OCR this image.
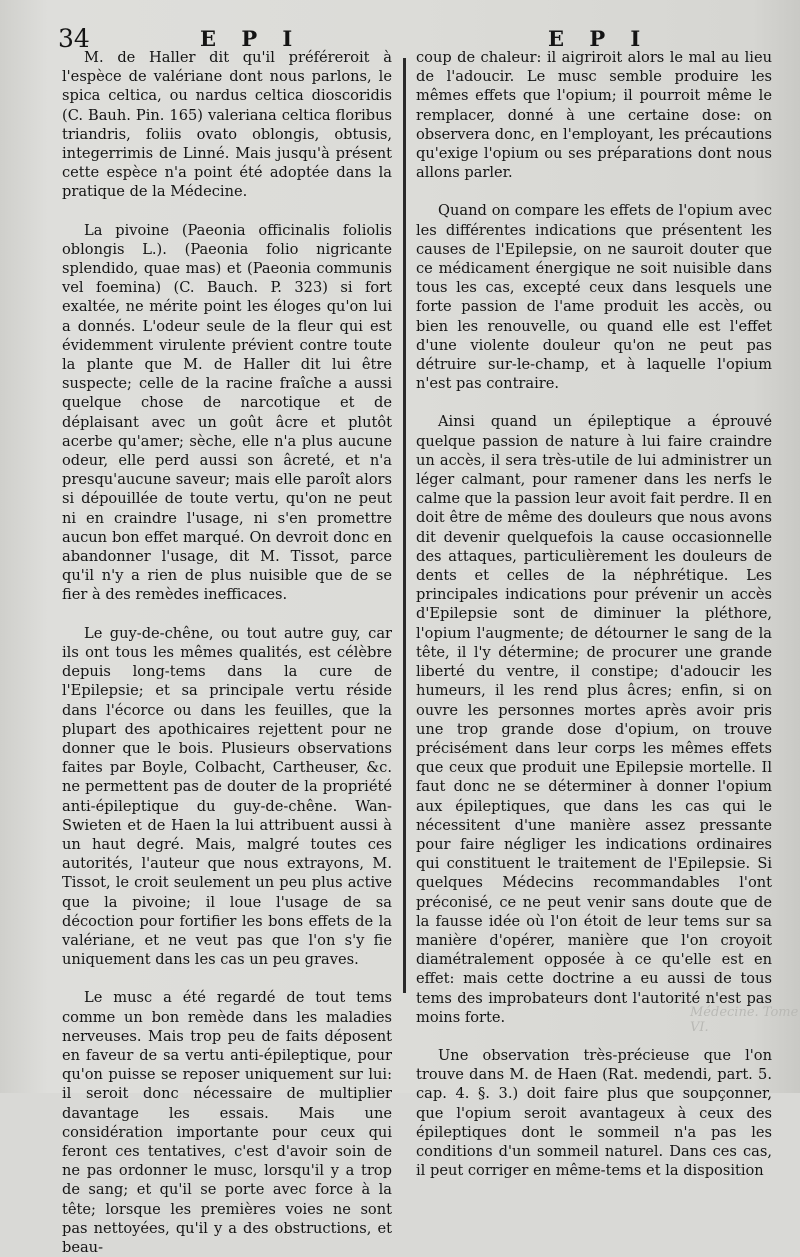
34	E P I	E P I

M. de Haller dit qu'il préféreroit à l'espèce de valériane dont nous parlons, le spica celtica, ou nardus celtica dioscoridis (C. Bauh. Pin. 165) valeriana celtica floribus triandris, foliis ovato oblongis, obtusis, integerrimis de Linné. Mais jusqu'à présent cette espèce n'a point été adoptée dans la pratique de la Médecine.

La pivoine (Paeonia officinalis foliolis oblongis L.). (Paeonia folio nigricante splendido, quae mas) et (Paeonia communis vel foemina) (C. Bauch. P. 323) si fort exaltée, ne mérite point les éloges qu'on lui a donnés. L'odeur seule de la fleur qui est évidemment virulente prévient contre toute la plante que M. de Haller dit lui être suspecte; celle de la racine fraîche a aussi quelque chose de narcotique et de déplaisant avec un goût âcre et plutôt acerbe qu'amer; sèche, elle n'a plus aucune odeur, elle perd aussi son âcreté, et n'a presqu'aucune saveur; mais elle paroît alors si dépouillée de toute vertu, qu'on ne peut ni en craindre l'usage, ni s'en promettre aucun bon effet marqué. On devroit donc en abandonner l'usage, dit M. Tissot, parce qu'il n'y a rien de plus nuisible que de se fier à des remèdes inefficaces.

Le guy-de-chêne, ou tout autre guy, car ils ont tous les mêmes qualités, est célèbre depuis long-tems dans la cure de l'Epilepsie; et sa principale vertu réside dans l'écorce ou dans les feuilles, que la plupart des apothicaires rejettent pour ne donner que le bois. Plusieurs observations faites par Boyle, Colbacht, Cartheuser, &c. ne permettent pas de douter de la propriété anti-épileptique du guy-de-chêne. Wan-Swieten et de Haen la lui attribuent aussi à un haut degré. Mais, malgré toutes ces autorités, l'auteur que nous extrayons, M. Tissot, le croit seulement un peu plus active que la pivoine; il loue l'usage de sa décoction pour fortifier les bons effets de la valériane, et ne veut pas que l'on s'y fie uniquement dans les cas un peu graves.

Le musc a été regardé de tout tems comme un bon remède dans les maladies nerveuses. Mais trop peu de faits déposent en faveur de sa vertu anti-épileptique, pour qu'on puisse se reposer uniquement sur lui: il seroit donc nécessaire de multiplier davantage les essais. Mais une considération importante pour ceux qui feront ces tentatives, c'est d'avoir soin de ne pas ordonner le musc, lorsqu'il y a trop de sang; et qu'il se porte avec force à la tête; lorsque les premières voies ne sont pas nettoyées, qu'il y a des obstructions, et beau-

coup de chaleur: il aigriroit alors le mal au lieu de l'adoucir. Le musc semble produire les mêmes effets que l'opium; il pourroit même le remplacer, donné à une certaine dose: on observera donc, en l'employant, les précautions qu'exige l'opium ou ses préparations dont nous allons parler.

Quand on compare les effets de l'opium avec les différentes indications que présentent les causes de l'Epilepsie, on ne sauroit douter que ce médicament énergique ne soit nuisible dans tous les cas, excepté ceux dans lesquels une forte passion de l'ame produit les accès, ou bien les renouvelle, ou quand elle est l'effet d'une violente douleur qu'on ne peut pas détruire sur-le-champ, et à laquelle l'opium n'est pas contraire.

Ainsi quand un épileptique a éprouvé quelque passion de nature à lui faire craindre un accès, il sera très-utile de lui administrer un léger calmant, pour ramener dans les nerfs le calme que la passion leur avoit fait perdre. Il en doit être de même des douleurs que nous avons dit devenir quelquefois la cause occasionnelle des attaques, particulièrement les douleurs de dents et celles de la néphrétique. Les principales indications pour prévenir un accès d'Epilepsie sont de diminuer la pléthore, l'opium l'augmente; de détourner le sang de la tête, il l'y détermine; de procurer une grande liberté du ventre, il constipe; d'adoucir les humeurs, il les rend plus âcres; enfin, si on ouvre les personnes mortes après avoir pris une trop grande dose d'opium, on trouve précisément dans leur corps les mêmes effets que ceux que produit une Epilepsie mortelle. Il faut donc ne se déterminer à donner l'opium aux épileptiques, que dans les cas qui le nécessitent d'une manière assez pressante pour faire négliger les indications ordinaires qui constituent le traitement de l'Epilepsie. Si quelques Médecins recommandables l'ont préconisé, ce ne peut venir sans doute que de la fausse idée où l'on étoit de leur tems sur sa manière d'opérer, manière que l'on croyoit diamétralement opposée à ce qu'elle est en effet: mais cette doctrine a eu aussi de tous tems des improbateurs dont l'autorité n'est pas moins forte.

Une observation très-précieuse que l'on trouve dans M. de Haen (Rat. medendi, part. 5. cap. 4. §. 3.) doit faire plus que soupçonner, que l'opium seroit avantageux à ceux des épileptiques dont le sommeil n'a pas les conditions d'un sommeil naturel. Dans ces cas, il peut corriger en même-tems et la disposition

Médecine. Tome VI.
